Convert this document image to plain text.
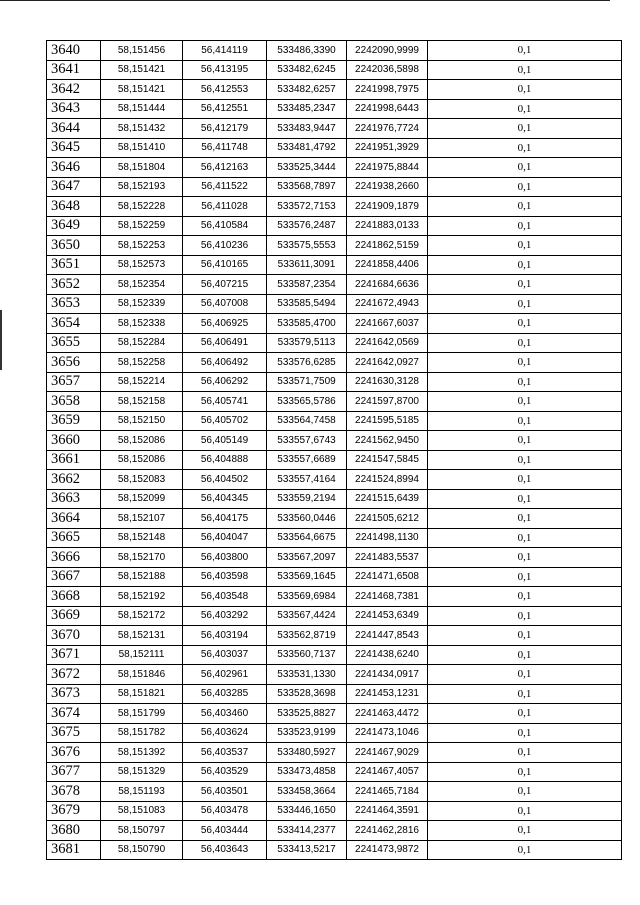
3640	58,151456	56,414119	533486,3390	2242090,9999	0,1
3641	58,151421	56,413195	533482,6245	2242036,5898	0,1
3642	58,151421	56,412553	533482,6257	2241998,7975	0,1
3643	58,151444	56,412551	533485,2347	2241998,6443	0,1
3644	58,151432	56,412179	533483,9447	2241976,7724	0,1
3645	58,151410	56,411748	533481,4792	2241951,3929	0,1
3646	58,151804	56,412163	533525,3444	2241975,8844	0,1
3647	58,152193	56,411522	533568,7897	2241938,2660	0,1
3648	58,152228	56,411028	533572,7153	2241909,1879	0,1
3649	58,152259	56,410584	533576,2487	2241883,0133	0,1
3650	58,152253	56,410236	533575,5553	2241862,5159	0,1
3651	58,152573	56,410165	533611,3091	2241858,4406	0,1
3652	58,152354	56,407215	533587,2354	2241684,6636	0,1
3653	58,152339	56,407008	533585,5494	2241672,4943	0,1
3654	58,152338	56,406925	533585,4700	2241667,6037	0,1
3655	58,152284	56,406491	533579,5113	2241642,0569	0,1
3656	58,152258	56,406492	533576,6285	2241642,0927	0,1
3657	58,152214	56,406292	533571,7509	2241630,3128	0,1
3658	58,152158	56,405741	533565,5786	2241597,8700	0,1
3659	58,152150	56,405702	533564,7458	2241595,5185	0,1
3660	58,152086	56,405149	533557,6743	2241562,9450	0,1
3661	58,152086	56,404888	533557,6689	2241547,5845	0,1
3662	58,152083	56,404502	533557,4164	2241524,8994	0,1
3663	58,152099	56,404345	533559,2194	2241515,6439	0,1
3664	58,152107	56,404175	533560,0446	2241505,6212	0,1
3665	58,152148	56,404047	533564,6675	2241498,1130	0,1
3666	58,152170	56,403800	533567,2097	2241483,5537	0,1
3667	58,152188	56,403598	533569,1645	2241471,6508	0,1
3668	58,152192	56,403548	533569,6984	2241468,7381	0,1
3669	58,152172	56,403292	533567,4424	2241453,6349	0,1
3670	58,152131	56,403194	533562,8719	2241447,8543	0,1
3671	58,152111	56,403037	533560,7137	2241438,6240	0,1
3672	58,151846	56,402961	533531,1330	2241434,0917	0,1
3673	58,151821	56,403285	533528,3698	2241453,1231	0,1
3674	58,151799	56,403460	533525,8827	2241463,4472	0,1
3675	58,151782	56,403624	533523,9199	2241473,1046	0,1
3676	58,151392	56,403537	533480,5927	2241467,9029	0,1
3677	58,151329	56,403529	533473,4858	2241467,4057	0,1
3678	58,151193	56,403501	533458,3664	2241465,7184	0,1
3679	58,151083	56,403478	533446,1650	2241464,3591	0,1
3680	58,150797	56,403444	533414,2377	2241462,2816	0,1
3681	58,150790	56,403643	533413,5217	2241473,9872	0,1
